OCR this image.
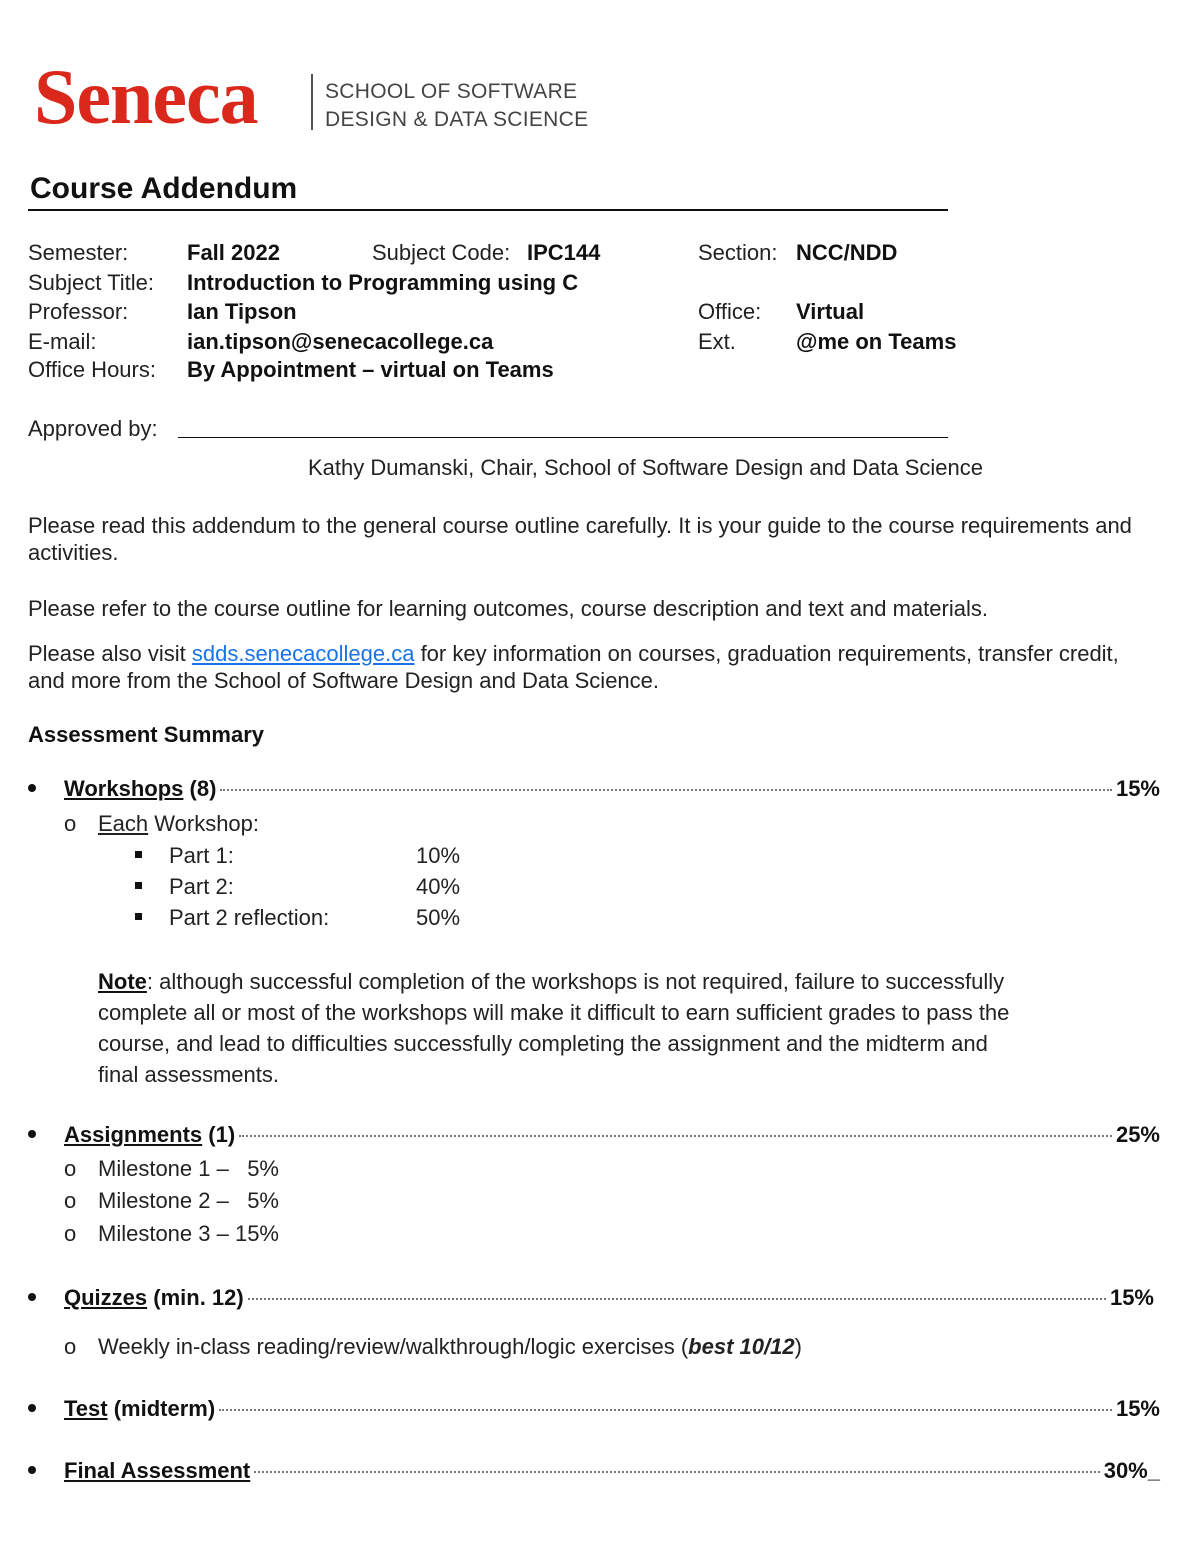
Seneca	SCHOOL OF SOFTWARE
DESIGN & DATA SCIENCE
Course Addendum
Semester:	Fall 2022	Subject Code: IPC144	Section: NCC/NDD
Subject Title: Introduction to Programming using C
Professor:	Ian Tipson	Office: Virtual
E-mail:	ian.tipson@senecacollege.ca	Ext.	@me on Teams
Office Hours: By Appointment – virtual on Teams
Approved by:
Kathy Dumanski, Chair, School of Software Design and Data Science
Please read this addendum to the general course outline carefully. It is your guide to the course requirements and activities.
Please refer to the course outline for learning outcomes, course description and text and materials.
Please also visit sdds.senecacollege.ca for key information on courses, graduation requirements, transfer credit, and more from the School of Software Design and Data Science.
Assessment Summary
Workshops (8)	15%
o Each Workshop:
Part 1:	10%
Part 2:	40%
Part 2 reflection:	50%
Note: although successful completion of the workshops is not required, failure to successfully
complete all or most of the workshops will make it difficult to earn sufficient grades to pass the
course, and lead to difficulties successfully completing the assignment and the midterm and
final assessments.
Assignments (1)	25%
o Milestone 1 –   5%
o Milestone 2 –   5%
o Milestone 3 – 15%
Quizzes (min. 12)	15%
o Weekly in-class reading/review/walkthrough/logic exercises (best 10/12)
Test (midterm)	15%
Final Assessment	30%_
